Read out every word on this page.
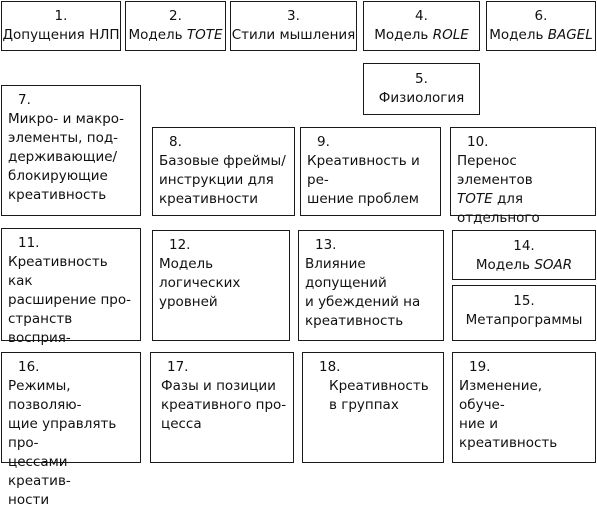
1.
Допущения НЛП
2.
Модель TOTE
3.
Стили мышления
4.
Модель ROLE
6.
Модель BAGEL
5.
Физиология
7.
Микро- и макро-
элементы, под-
держивающие/
блокирующие
креативность
8.
Базовые фреймы/
инструкции для
креативности
9.
Креативность и ре-
шение проблем
10.
Перенос элементов
TOTE для отдельного

11.
Креативность как
расширение про-
странств восприя-

12.
Модель логических
уровней
13.
Влияние допущений
и убеждений на
креативность
14.
Модель SOAR
15.
Метапрограммы
16.
Режимы, позволяю-
щие управлять про-
цессами креатив-
ности
17.
Фазы и позиции
креативного про-
цесса
18.
Креативность
в группах
19.
Изменение, обуче-
ние и креативность
